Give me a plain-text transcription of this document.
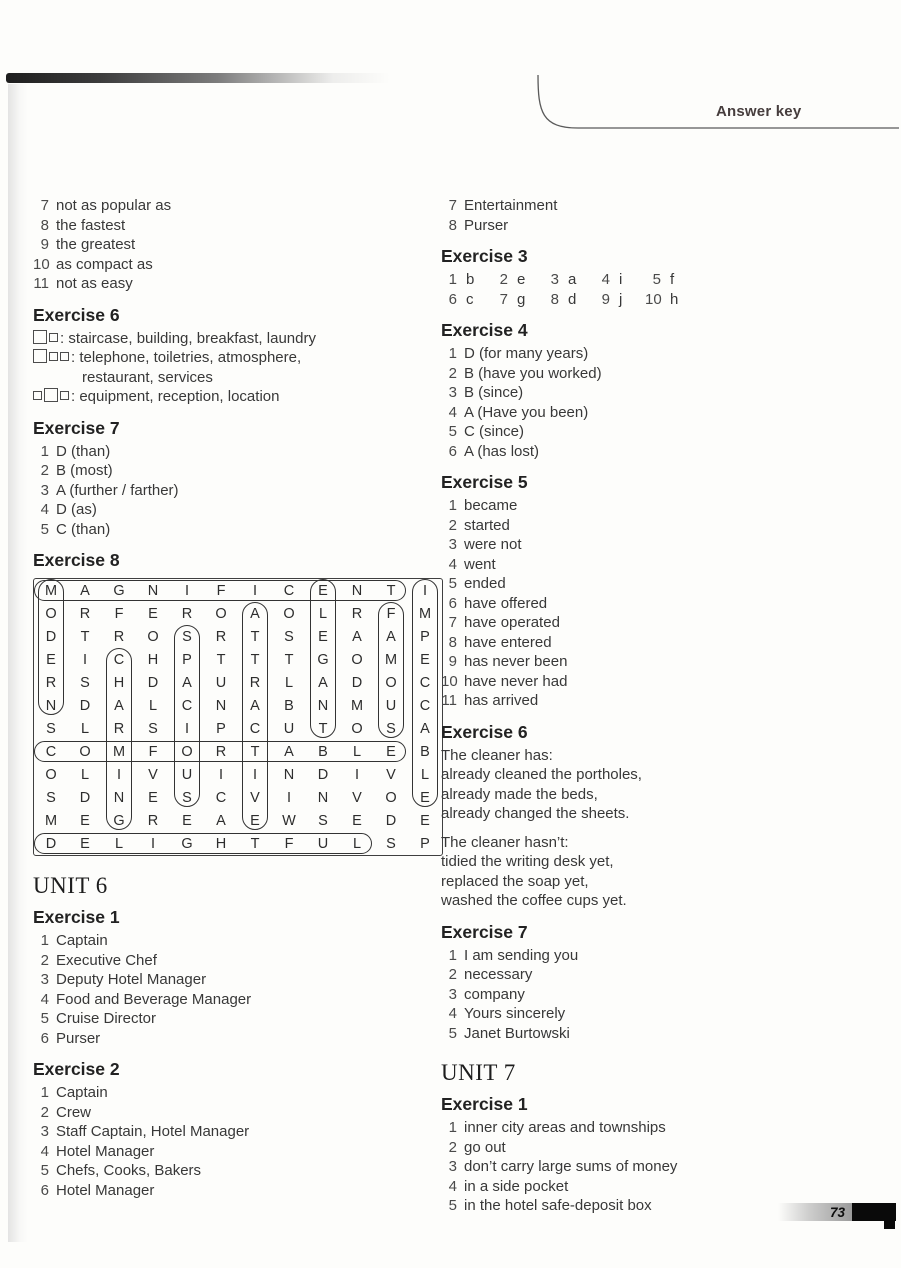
Answer key
7 not as popular as
8 the fastest
9 the greatest
10 as compact as
11 not as easy
Exercise 6
: staircase, building, breakfast, laundry
: telephone, toiletries, atmosphere,
restaurant, services
: equipment, reception, location
Exercise 7
1 D (than)
2 B (most)
3 A (further / farther)
4 D (as)
5 C (than)
Exercise 8
M	A	G	N	I	F	I	C	E	N	T	I
O	R	F	E	R	O	A	O	L	R	F	M
D	T	R	O	S	R	T	S	E	A	A	P
E	I	C	H	P	T	T	T	G	O	M	E
R	S	H	D	A	U	R	L	A	D	O	C
N	D	A	L	C	N	A	B	N	M	U	C
S	L	R	S	I	P	C	U	T	O	S	A
C	O	M	F	O	R	T	A	B	L	E	B
O	L	I	V	U	I	I	N	D	I	V	L
S	D	N	E	S	C	V	I	N	V	O	E
M	E	G	R	E	A	E	W	S	E	D	E
D	E	L	I	G	H	T	F	U	L	S	P
UNIT 6
Exercise 1
1 Captain
2 Executive Chef
3 Deputy Hotel Manager
4 Food and Beverage Manager
5 Cruise Director
6 Purser
Exercise 2
1 Captain
2 Crew
3 Staff Captain, Hotel Manager
4 Hotel Manager
5 Chefs, Cooks, Bakers
6 Hotel Manager
7 Entertainment
8 Purser
Exercise 3
1 b	2 e	3 a	4 i	5 f
6 c	7 g	8 d	9 j 10 h
Exercise 4
1 D (for many years)
2 B (have you worked)
3 B (since)
4 A (Have you been)
5 C (since)
6 A (has lost)
Exercise 5
1 became
2 started
3 were not
4 went
5 ended
6 have offered
7 have operated
8 have entered
9 has never been
10 have never had
11 has arrived
Exercise 6
The cleaner has:
already cleaned the portholes,
already made the beds,
already changed the sheets.
The cleaner hasn’t:
tidied the writing desk yet,
replaced the soap yet,
washed the coffee cups yet.
Exercise 7
1 I am sending you
2 necessary
3 company
4 Yours sincerely
5 Janet Burtowski
UNIT 7
Exercise 1
1 inner city areas and townships
2 go out
3 don’t carry large sums of money
4 in a side pocket
5 in the hotel safe-deposit box	73
